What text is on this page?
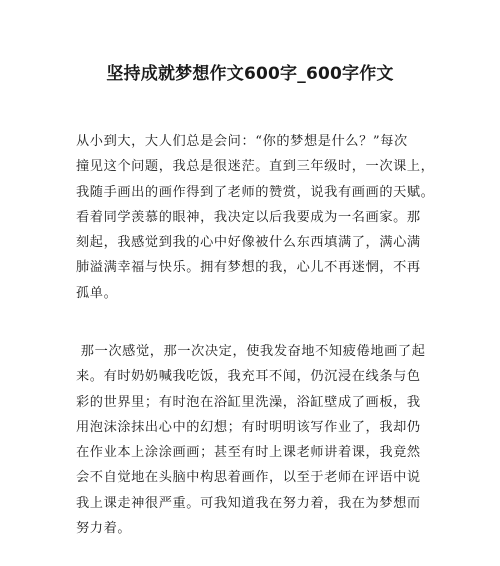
坚持成就梦想作文600字_600字作文
从小到大，大人们总是会问：“你的梦想是什么？”每次
撞见这个问题，我总是很迷茫。直到三年级时，一次课上，
我随手画出的画作得到了老师的赞赏，说我有画画的天赋。
看着同学羡慕的眼神，我决定以后我要成为一名画家。那
刻起，我感觉到我的心中好像被什么东西填满了，满心满
肺溢满幸福与快乐。拥有梦想的我，心儿不再迷惘，不再
孤单。
那一次感觉，那一次决定，使我发奋地不知疲倦地画了起
来。有时奶奶喊我吃饭，我充耳不闻，仍沉浸在线条与色
彩的世界里；有时泡在浴缸里洗澡，浴缸壁成了画板，我
用泡沫涂抹出心中的幻想；有时明明该写作业了，我却仍
在作业本上涂涂画画；甚至有时上课老师讲着课，我竟然
会不自觉地在头脑中构思着画作，以至于老师在评语中说
我上课走神很严重。可我知道我在努力着，我在为梦想而
努力着。
